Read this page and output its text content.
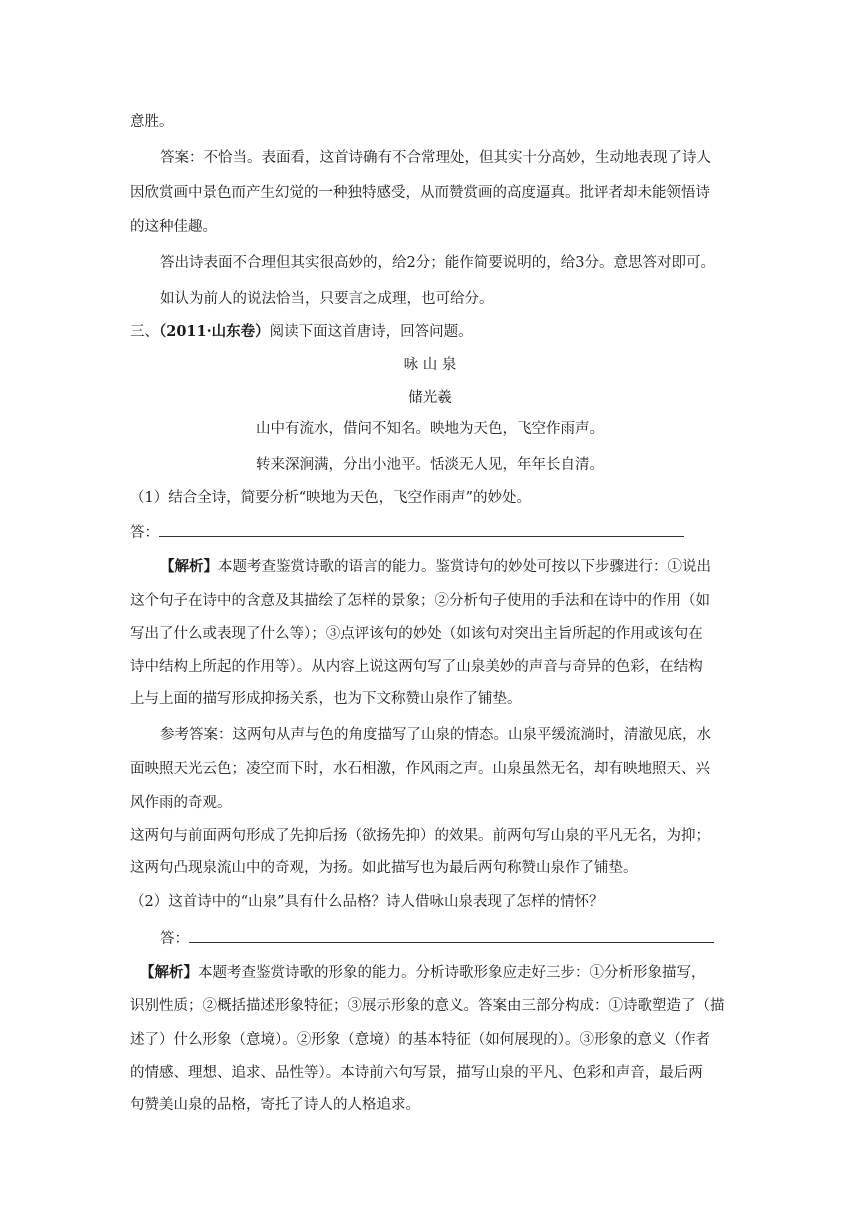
意胜。
答案：不恰当。表面看，这首诗确有不合常理处，但其实十分高妙，生动地表现了诗人
因欣赏画中景色而产生幻觉的一种独特感受，从而赞赏画的高度逼真。批评者却未能领悟诗
的这种佳趣。
答出诗表面不合理但其实很高妙的，给2分；能作简要说明的，给3分。意思答对即可。
如认为前人的说法恰当，只要言之成理，也可给分。
三、（2011·山东卷）阅读下面这首唐诗，回答问题。
咏 山 泉
储光羲
山中有流水，借问不知名。映地为天色，飞空作雨声。
转来深涧满，分出小池平。恬淡无人见，年年长自清。
（1）结合全诗，简要分析“映地为天色，飞空作雨声”的妙处。
答：
【解析】本题考查鉴赏诗歌的语言的能力。鉴赏诗句的妙处可按以下步骤进行：①说出
这个句子在诗中的含意及其描绘了怎样的景象；②分析句子使用的手法和在诗中的作用（如
写出了什么或表现了什么等）；③点评该句的妙处（如该句对突出主旨所起的作用或该句在
诗中结构上所起的作用等）。从内容上说这两句写了山泉美妙的声音与奇异的色彩，在结构
上与上面的描写形成抑扬关系，也为下文称赞山泉作了铺垫。
参考答案：这两句从声与色的角度描写了山泉的情态。山泉平缓流淌时，清澈见底，水
面映照天光云色；凌空而下时，水石相激，作风雨之声。山泉虽然无名，却有映地照天、兴
风作雨的奇观。
这两句与前面两句形成了先抑后扬（欲扬先抑）的效果。前两句写山泉的平凡无名，为抑；
这两句凸现泉流山中的奇观，为扬。如此描写也为最后两句称赞山泉作了铺垫。
（2）这首诗中的“山泉”具有什么品格？诗人借咏山泉表现了怎样的情怀？
答：
【解析】本题考查鉴赏诗歌的形象的能力。分析诗歌形象应走好三步：①分析形象描写，
识别性质；②概括描述形象特征；③展示形象的意义。答案由三部分构成：①诗歌塑造了（描
述了）什么形象（意境）。②形象（意境）的基本特征（如何展现的）。③形象的意义（作者
的情感、理想、追求、品性等）。本诗前六句写景，描写山泉的平凡、色彩和声音，最后两
句赞美山泉的品格，寄托了诗人的人格追求。
